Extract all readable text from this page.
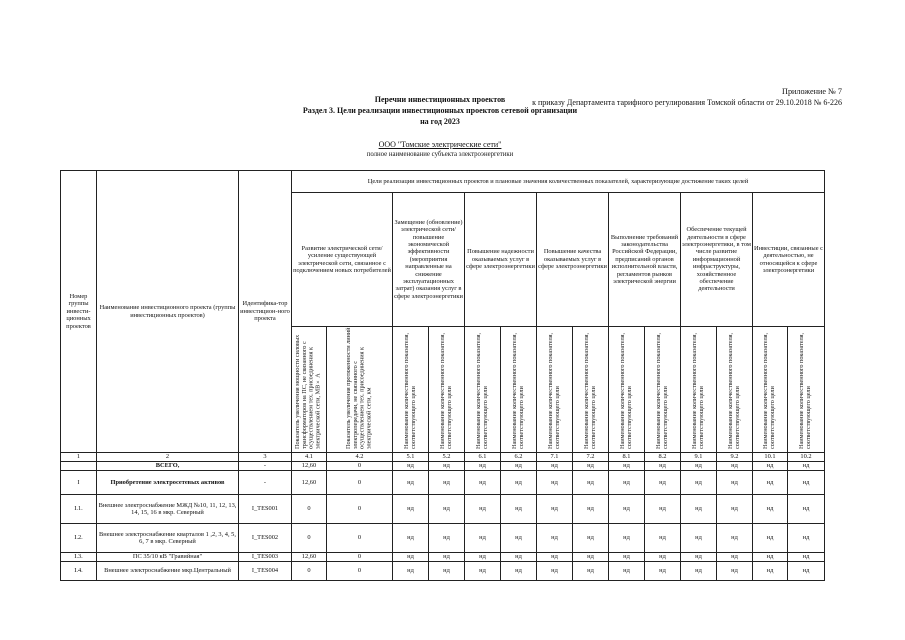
Приложение № 7
к приказу Департамента тарифного регулирования Томской области от 29.10.2018 № 6-226
Перечни инвестиционных проектов
Раздел 3. Цели реализации инвестиционных проектов сетевой организации
на год 2023
ООО "Томские электрические сети"
полное наименование субъекта электроэнергетики
Номер группы инвести-ционных проектов	Наименование инвестиционного проекта (группы инвестиционных проектов)	Идентифика-тор инвестицион-ного проекта	Цели реализации инвестиционных проектов и плановые значения количественных показателей, характеризующие достижение таких целей													
			Развитие электрической сети/усиление существующей электрической сети, связанное с подключением новых потребителей		Замещение (обновление) электрической сети/повышение экономической эффективности (мероприятия направленные на снижение эксплуатационных затрат) оказания услуг в сфере электроэнергетики		Повышение надежности оказываемых услуг в сфере электроэнергетики		Повышение качества оказываемых услуг в сфере электроэнергетики		Выполнение требований законодательства Российской Федерации, предписаний органов исполнительной власти, регламентов рынков электрической энергии		Обеспечение текущей деятельности в сфере электроэнергетики, в том числе развитие информационной инфраструктуры, хозяйственное обеспечение деятельности		Инвестиции, связанные с деятельностью, не относящейся к сфере электроэнергетики	
			Показатель увеличения мощности силовых трансформаторов на ПС, не связанного с осуществлением тех. присоединения к электрической сети, МВ×А	Показатель увеличения протяженности линий электропередачи, не связанного с осуществлением тех. присоединения к электрической сети, км	Наименование количественного показателя, соответствующего цели	Наименование количественного показателя, соответствующего цели	Наименование количественного показателя, соответствующего цели	Наименование количественного показателя, соответствующего цели	Наименование количественного показателя, соответствующего цели	Наименование количественного показателя, соответствующего цели	Наименование количественного показателя, соответствующего цели	Наименование количественного показателя, соответствующего цели	Наименование количественного показателя, соответствующего цели	Наименование количественного показателя, соответствующего цели	Наименование количественного показателя, соответствующего цели	Наименование количественного показателя, соответствующего цели
1	2	3	4.1	4.2	5.1	5.2	6.1	6.2	7.1	7.2	8.1	8.2	9.1	9.2	10.1	10.2
	ВСЕГО,	-	12,60	0	нд	нд	нд	нд	нд	нд	нд	нд	нд	нд	нд	нд
I	Приобретение электросетевых активов	-	12,60	0	нд	нд	нд	нд	нд	нд	нд	нд	нд	нд	нд	нд
I.1.	Внешнее электроснабжение МЖД №10, 11, 12, 13, 14, 15, 16 в мкр. Северный	I_TES001	0	0	нд	нд	нд	нд	нд	нд	нд	нд	нд	нд	нд	нд
I.2.	Внешнее электроснабжение кварталов 1 ,2, 3, 4, 5, 6, 7 в мкр. Северный	I_TES002	0	0	нд	нд	нд	нд	нд	нд	нд	нд	нд	нд	нд	нд
I.3.	ПС 35/10 кВ "Гравийная"	I_TES003	12,60	0	нд	нд	нд	нд	нд	нд	нд	нд	нд	нд	нд	нд
I.4.	Внешнее электроснабжение мкр.Центральный	I_TES004	0	0	нд	нд	нд	нд	нд	нд	нд	нд	нд	нд	нд	нд
